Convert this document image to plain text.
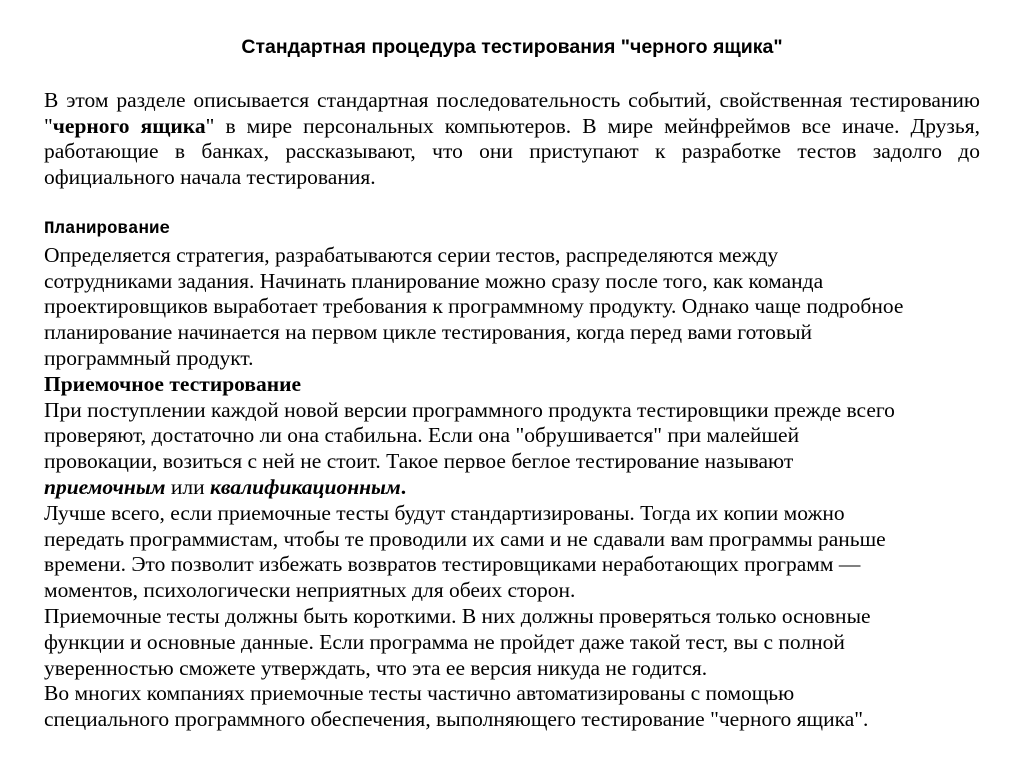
Стандартная процедура тестирования "черного ящика"

В этом разделе описывается стандартная последовательность событий, свойственная тестированию "черного ящика" в мире персональных компьютеров. В мире мейнфреймов все иначе. Друзья, работающие в банках, рассказывают, что они приступают к разработке тестов задолго до официального начала тестирования.

Планирование
Определяется стратегия, разрабатываются серии тестов, распределяются между
сотрудниками задания. Начинать планирование можно сразу после того, как команда
проектировщиков выработает требования к программному продукту. Однако чаще подробное
планирование начинается на первом цикле тестирования, когда перед вами готовый
программный продукт.
Приемочное тестирование
При поступлении каждой новой версии программного продукта тестировщики прежде всего
проверяют, достаточно ли она стабильна. Если она "обрушивается" при малейшей
провокации, возиться с ней не стоит. Такое первое беглое тестирование называют
приемочным или квалификационным.
Лучше всего, если приемочные тесты будут стандартизированы. Тогда их копии можно
передать программистам, чтобы те проводили их сами и не сдавали вам программы раньше
времени. Это позволит избежать возвратов тестировщиками неработающих программ —
моментов, психологически неприятных для обеих сторон.
Приемочные тесты должны быть короткими. В них должны проверяться только основные
функции и основные данные. Если программа не пройдет даже такой тест, вы с полной
уверенностью сможете утверждать, что эта ее версия никуда не годится.
Во многих компаниях приемочные тесты частично автоматизированы с помощью
специального программного обеспечения, выполняющего тестирование "черного ящика".
